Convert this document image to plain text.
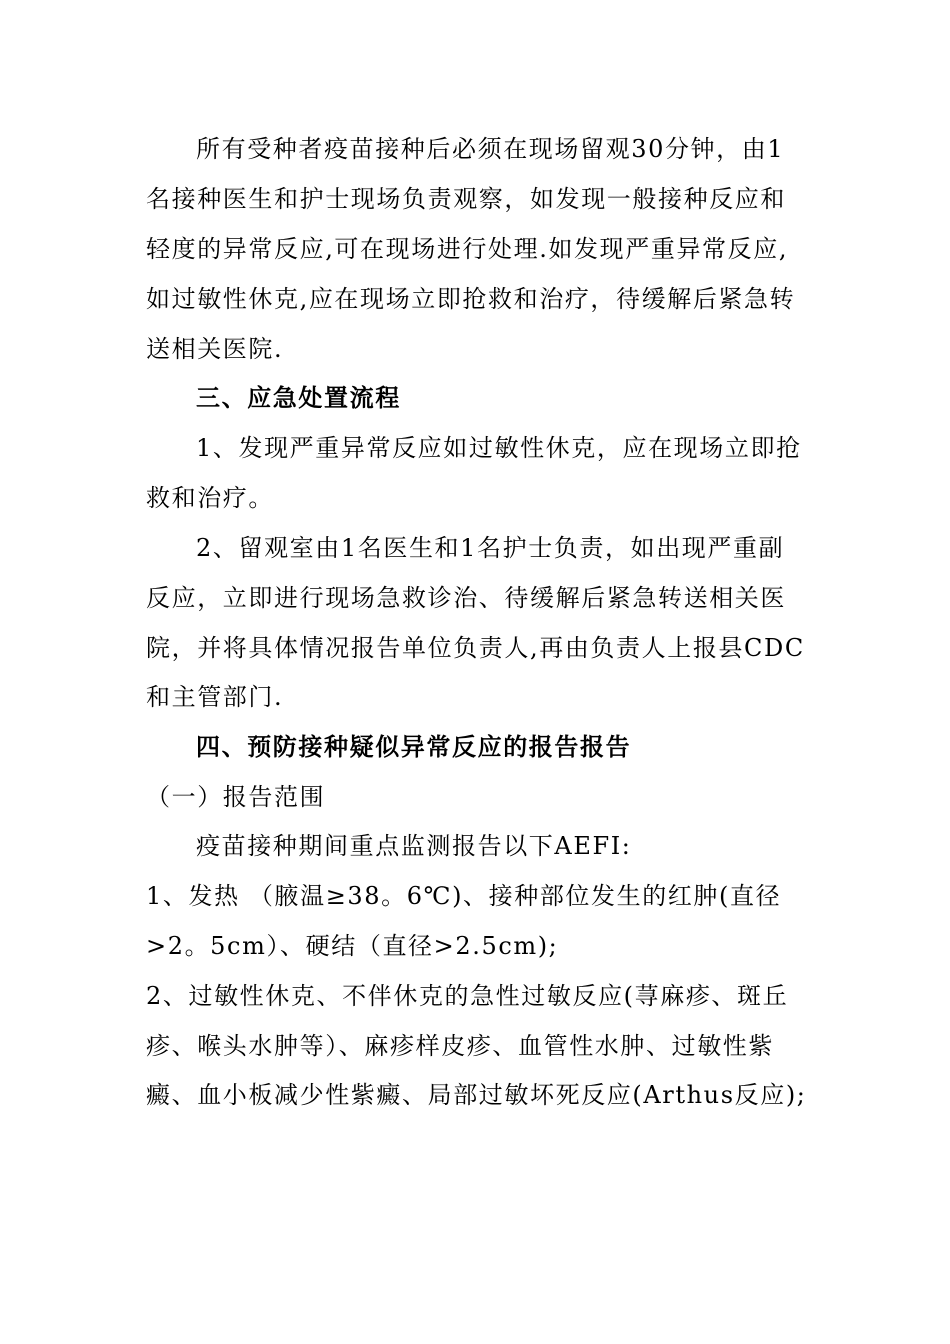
所有受种者疫苗接种后必须在现场留观30分钟，由1
名接种医生和护士现场负责观察，如发现一般接种反应和
轻度的异常反应,可在现场进行处理.如发现严重异常反应,
如过敏性休克,应在现场立即抢救和治疗，待缓解后紧急转
送相关医院.
三、应急处置流程
1、发现严重异常反应如过敏性休克，应在现场立即抢
救和治疗。
2、留观室由1名医生和1名护士负责，如出现严重副
反应，立即进行现场急救诊治、待缓解后紧急转送相关医
院，并将具体情况报告单位负责人,再由负责人上报县CDC
和主管部门.
四、预防接种疑似异常反应的报告报告
（一）报告范围
疫苗接种期间重点监测报告以下AEFI:
1、发热 （腋温≥38。6℃)、接种部位发生的红肿(直径
>2。5cm）、硬结（直径>2.5cm);
2、过敏性休克、不伴休克的急性过敏反应(荨麻疹、斑丘
疹、喉头水肿等）、麻疹样皮疹、血管性水肿、过敏性紫
癜、血小板减少性紫癜、局部过敏坏死反应(Arthus反应);
